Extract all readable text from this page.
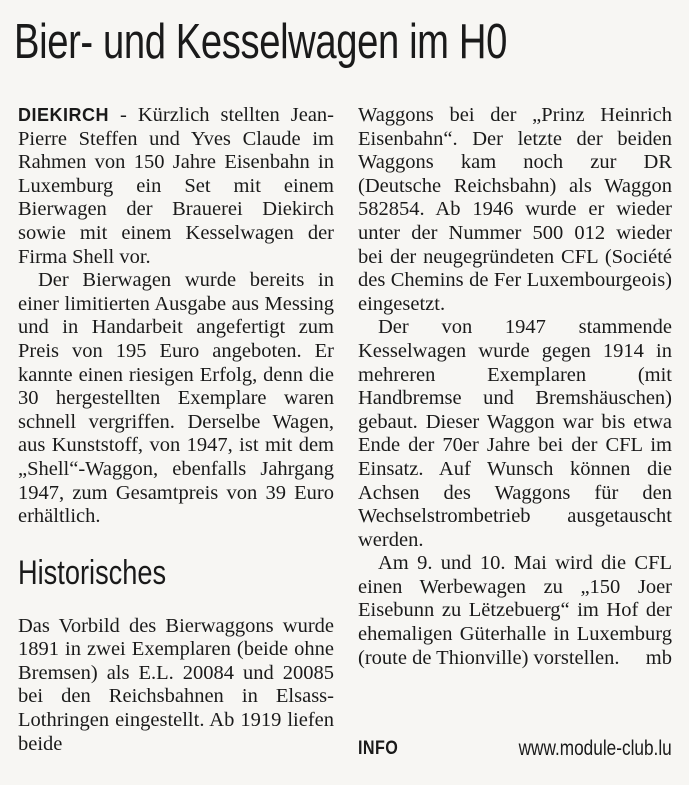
Bier- und Kesselwagen im H0

DIEKIRCH - Kürzlich stellten Jean-Pierre Steffen und Yves Claude im Rahmen von 150 Jahre Eisenbahn in Luxemburg ein Set mit einem Bierwagen der Brauerei Diekirch sowie mit einem Kesselwagen der Firma Shell vor.

Der Bierwagen wurde bereits in einer limitierten Ausgabe aus Messing und in Handarbeit angefertigt zum Preis von 195 Euro angeboten. Er kannte einen riesigen Erfolg, denn die 30 hergestellten Exemplare waren schnell vergriffen. Derselbe Wagen, aus Kunststoff, von 1947, ist mit dem „Shell“-Waggon, ebenfalls Jahrgang 1947, zum Gesamtpreis von 39 Euro erhältlich.

Historisches

Das Vorbild des Bierwaggons wurde 1891 in zwei Exemplaren (beide ohne Bremsen) als E.L. 20084 und 20085 bei den Reichsbahnen in Elsass-Lothringen eingestellt. Ab 1919 liefen beide

Waggons bei der „Prinz Heinrich Eisenbahn“. Der letzte der beiden Waggons kam noch zur DR (Deutsche Reichsbahn) als Waggon 582854. Ab 1946 wurde er wieder unter der Nummer 500 012 wieder bei der neugegründeten CFL (Société des Chemins de Fer Luxembourgeois) eingesetzt.

Der von 1947 stammende Kesselwagen wurde gegen 1914 in mehreren Exemplaren (mit Handbremse und Bremshäuschen) gebaut. Dieser Waggon war bis etwa Ende der 70er Jahre bei der CFL im Einsatz. Auf Wunsch können die Achsen des Waggons für den Wechselstrombetrieb ausgetauscht werden.

Am 9. und 10. Mai wird die CFL einen Werbewagen zu „150 Joer Eisebunn zu Lëtzebuerg“ im Hof der ehemaligen Güterhalle in Luxemburg (route de Thionville) vorstellen.	mb

INFO	www.module-club.lu
